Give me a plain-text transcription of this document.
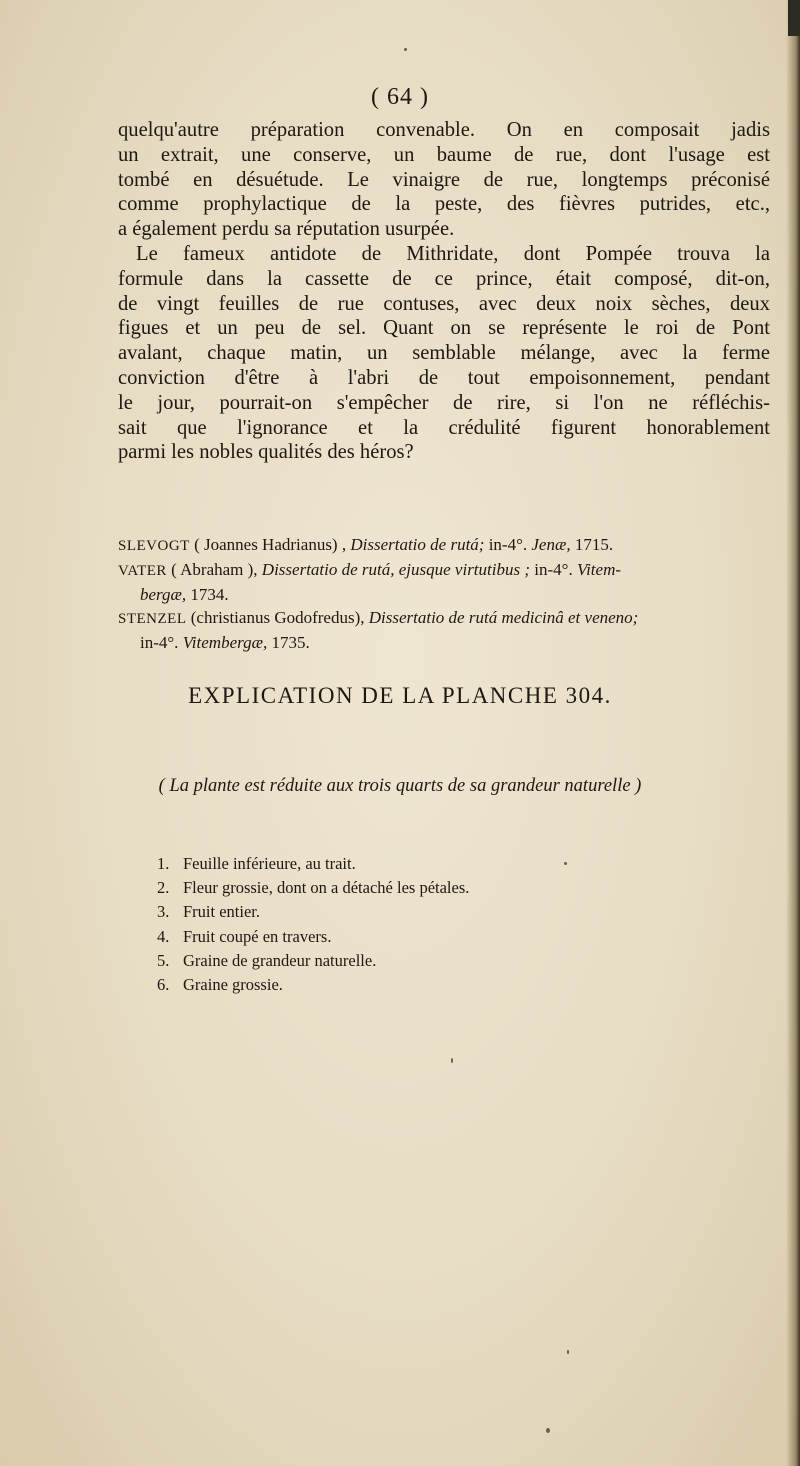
( 64 )
quelqu'autre préparation convenable. On en composait jadis
un extrait, une conserve, un baume de rue, dont l'usage est
tombé en désuétude. Le vinaigre de rue, longtemps préconisé
comme prophylactique de la peste, des fièvres putrides, etc.,
a également perdu sa réputation usurpée.
Le fameux antidote de Mithridate, dont Pompée trouva la
formule dans la cassette de ce prince, était composé, dit-on,
de vingt feuilles de rue contuses, avec deux noix sèches, deux
figues et un peu de sel. Quant on se représente le roi de Pont
avalant, chaque matin, un semblable mélange, avec la ferme
conviction d'être à l'abri de tout empoisonnement, pendant
le jour, pourrait-on s'empêcher de rire, si l'on ne réfléchis-
sait que l'ignorance et la crédulité figurent honorablement
parmi les nobles qualités des héros?
SLEVOGT ( Joannes Hadrianus) , Dissertatio de rutá; in-4°. Jenæ, 1715.
VATER ( Abraham ), Dissertatio de rutá, ejusque virtutibus ; in-4°. Vitem-
bergæ, 1734.
STENZEL (christianus Godofredus), Dissertatio de rutá medicinâ et veneno;
in-4°. Vitembergæ, 1735.
EXPLICATION DE LA PLANCHE 304.
( La plante est réduite aux trois quarts de sa grandeur naturelle )
1. Feuille inférieure, au trait.
2. Fleur grossie, dont on a détaché les pétales.
3. Fruit entier.
4. Fruit coupé en travers.
5. Graine de grandeur naturelle.
6. Graine grossie.
